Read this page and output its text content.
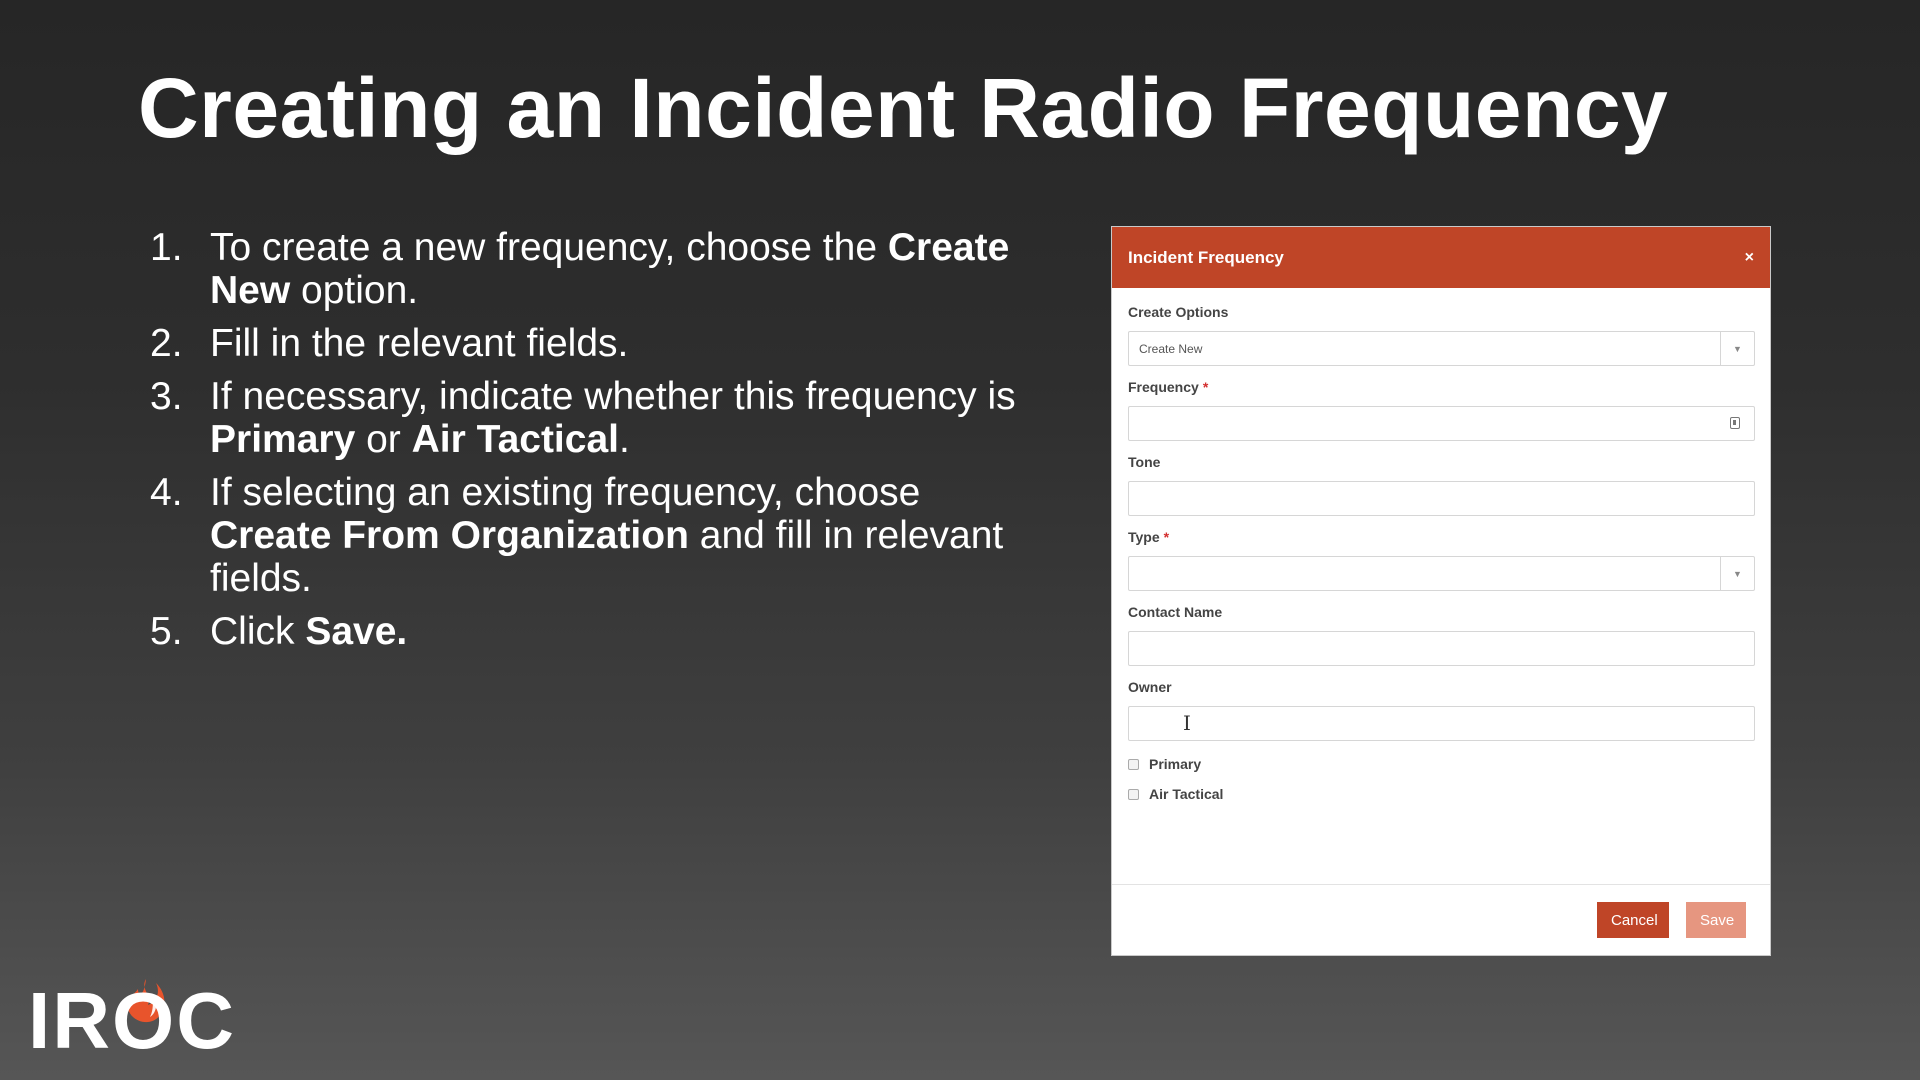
Creating an Incident Radio Frequency
1. To create a new frequency, choose the Create New option.
2. Fill in the relevant fields.
3. If necessary, indicate whether this frequency is Primary or Air Tactical.
4. If selecting an existing frequency, choose Create From Organization and fill in relevant fields.
5. Click Save.
Incident Frequency	×
Create Options
Create New	▼
Frequency *
Tone
Type *
▼
Contact Name
Owner
I
Primary
Air Tactical
Cancel	Save
IROC
